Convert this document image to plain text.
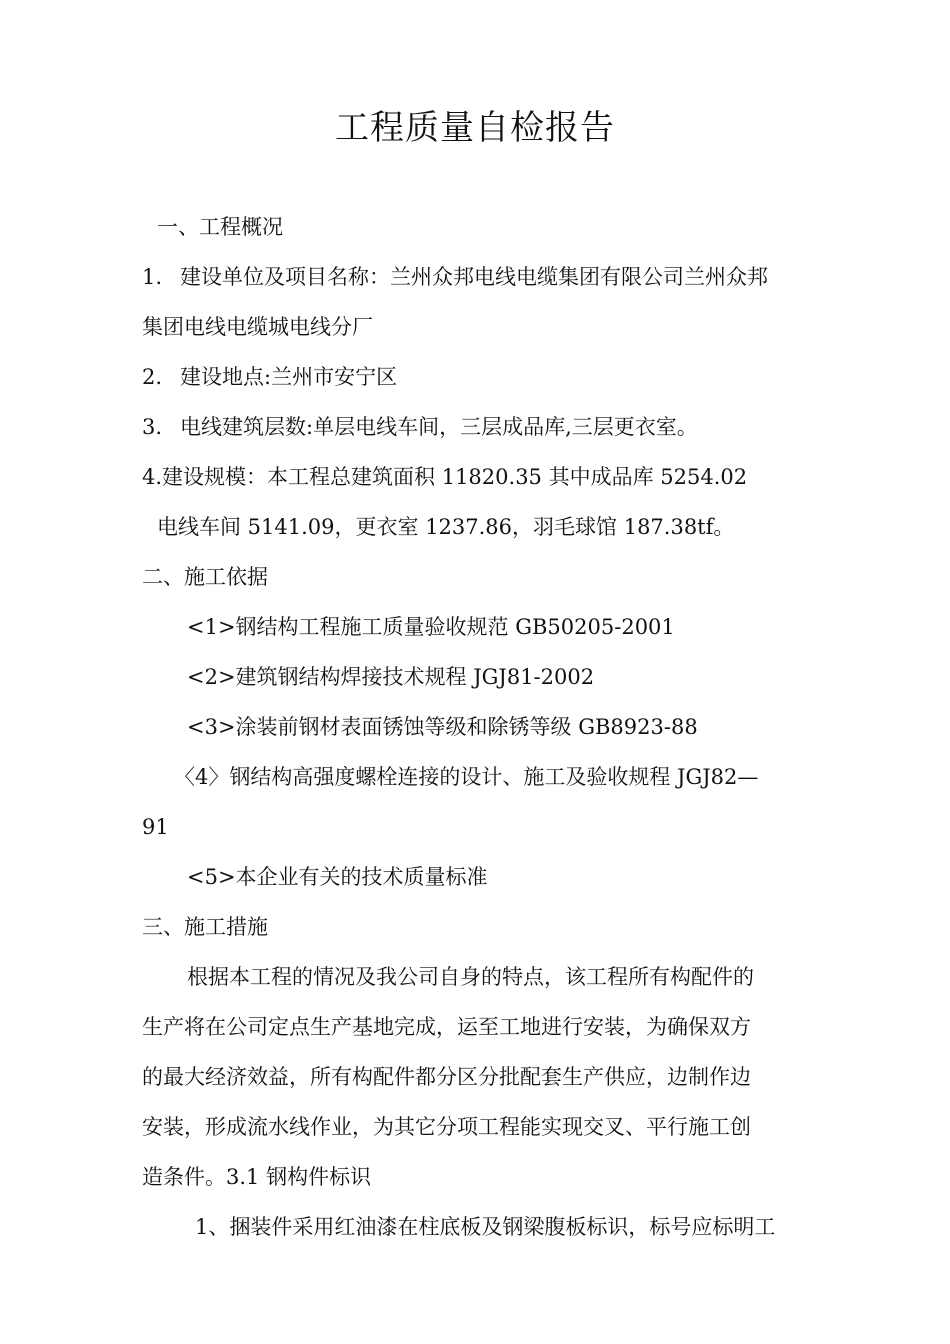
工程质量自检报告

一、工程概况

1. 建设单位及项目名称：兰州众邦电线电缆集团有限公司兰州众邦

集团电线电缆城电线分厂

2. 建设地点:兰州市安宁区

3. 电线建筑层数:单层电线车间，三层成品库,三层更衣室。

4.建设规模：本工程总建筑面积 11820.35 其中成品库 5254.02

电线车间 5141.09，更衣室 1237.86，羽毛球馆 187.38tf。

二、施工依据

<1>钢结构工程施工质量验收规范 GB50205-2001

<2>建筑钢结构焊接技术规程 JGJ81-2002

<3>涂装前钢材表面锈蚀等级和除锈等级 GB8923-88

〈4〉钢结构高强度螺栓连接的设计、施工及验收规程 JGJ82—

91

<5>本企业有关的技术质量标准

三、施工措施

根据本工程的情况及我公司自身的特点，该工程所有构配件的

生产将在公司定点生产基地完成，运至工地进行安装，为确保双方

的最大经济效益，所有构配件都分区分批配套生产供应，边制作边

安装，形成流水线作业，为其它分项工程能实现交叉、平行施工创

造条件。3.1 钢构件标识

1、捆装件采用红油漆在柱底板及钢梁腹板标识，标号应标明工
